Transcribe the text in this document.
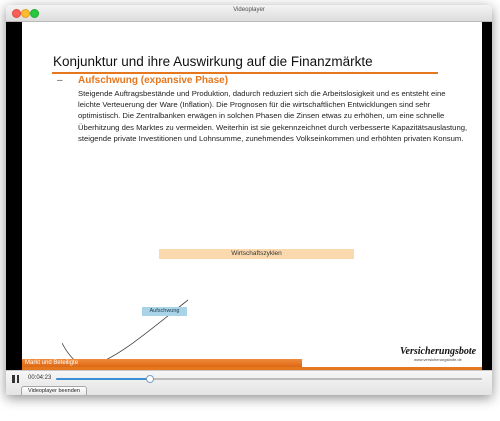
Videoplayer
Konjunktur und ihre Auswirkung auf die Finanzmärkte
– Aufschwung (expansive Phase)
Steigende Auftragsbestände und Produktion, dadurch reduziert sich die Arbeitslosigkeit und es entsteht eine leichte Verteuerung der Ware (Inflation). Die Prognosen für die wirtschaftlichen Entwicklungen sind sehr optimistisch. Die Zentralbanken erwägen in solchen Phasen die Zinsen etwas zu erhöhen, um eine schnelle Überhitzung des Marktes zu vermeiden. Weiterhin ist sie gekennzeichnet durch verbesserte Kapazitätsauslastung, steigende private Investitionen und Lohnsumme, zunehmendes Volkseinkommen und erhöhten privaten Konsum.
Wirtschaftszyklen
Aufschwung
Markt und Beteiligte
Versicherungsbote
www.versicherungsbote.de
00:04:23
Videoplayer beenden
